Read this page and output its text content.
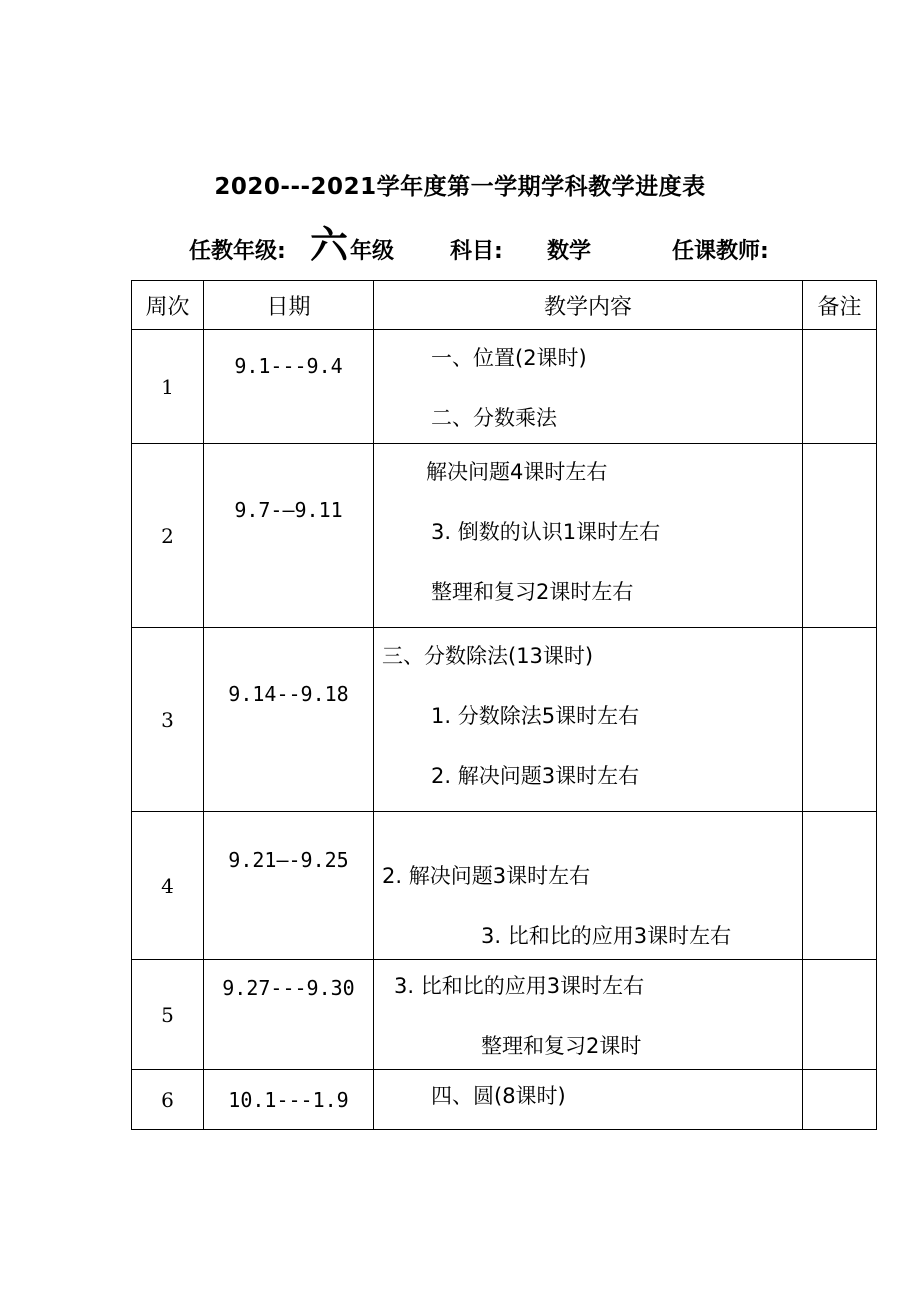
2020---2021学年度第一学期学科教学进度表
任教年级: 六 年级	科目: 数学	任课教师:
周次	日期	教学内容	备注
1	9.1---9.4	一、位置(2课时)
二、分数乘法	

2	9.7-—9.11	解决问题4课时左右
3. 倒数的认识1课时左右
整理和复习2课时左右	

3	9.14--9.18	三、分数除法(13课时)
1. 分数除法5课时左右
2. 解决问题3课时左右	

4	9.21—-9.25	2. 解决问题3课时左右
3. 比和比的应用3课时左右	

5	9.27---9.30	3. 比和比的应用3课时左右
整理和复习2课时	

6	10.1---1.9	四、圆(8课时)	
